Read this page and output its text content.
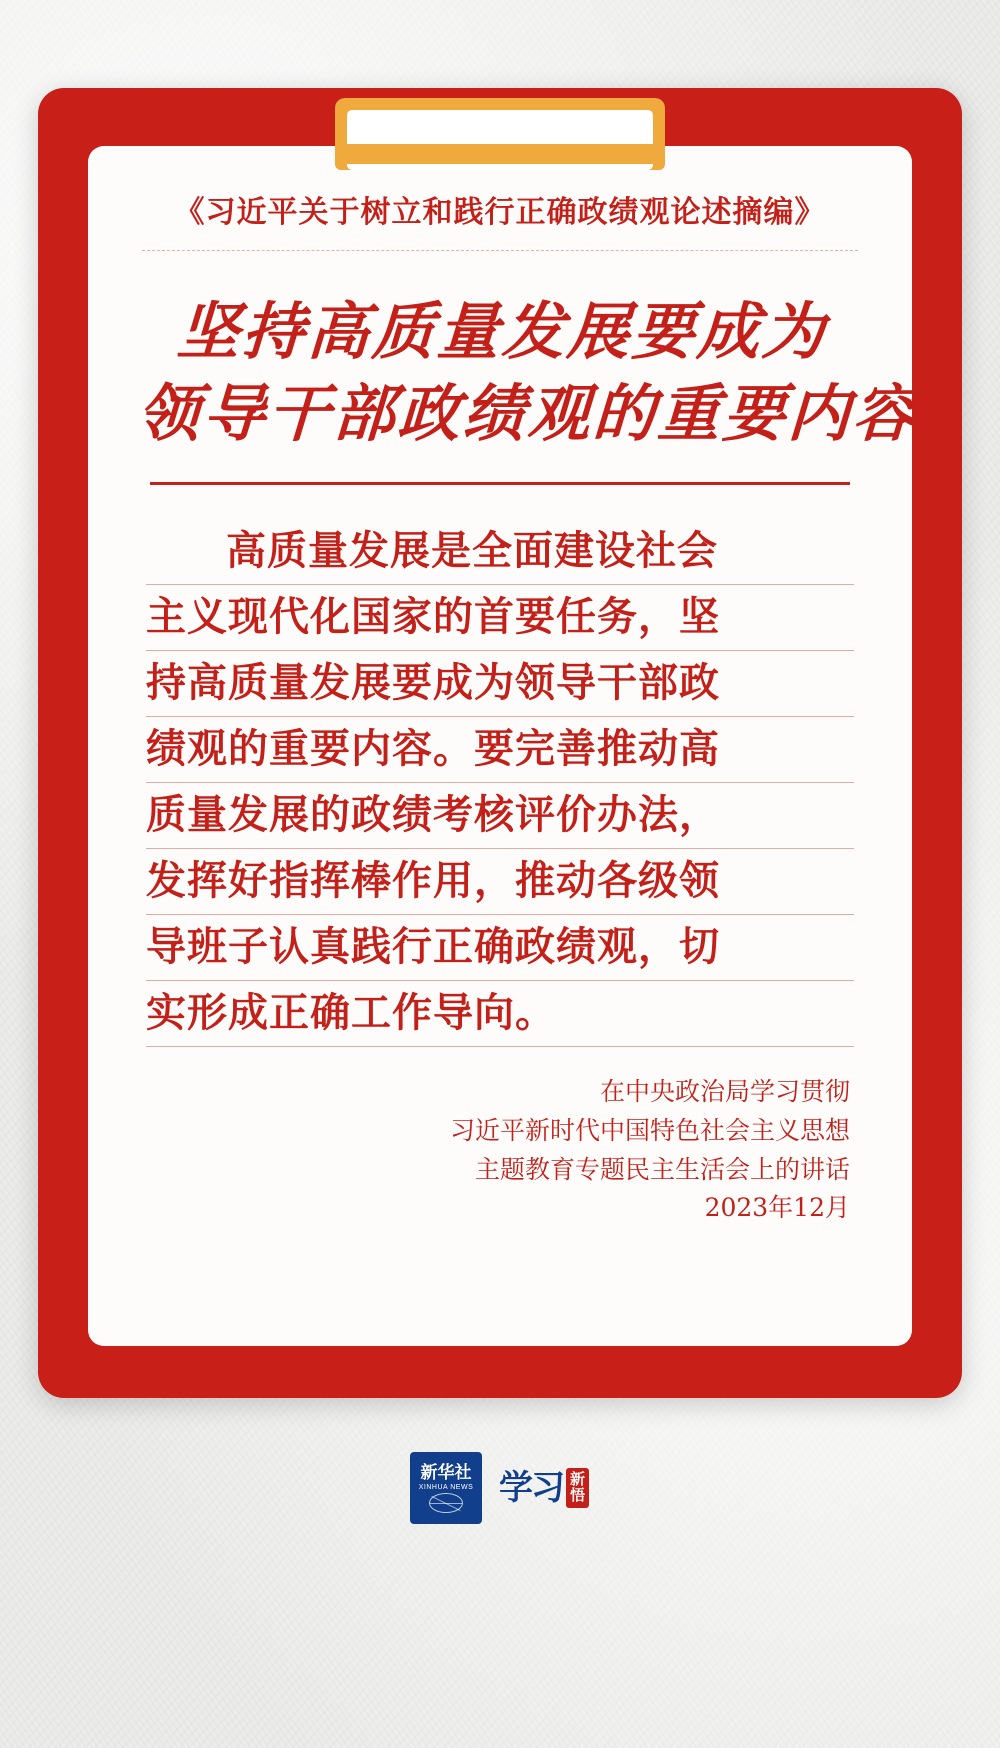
《习近平关于树立和践行正确政绩观论述摘编》
坚持高质量发展要成为
领导干部政绩观的重要内容
高质量发展是全面建设社会
主义现代化国家的首要任务，坚
持高质量发展要成为领导干部政
绩观的重要内容。要完善推动高
质量发展的政绩考核评价办法，
发挥好指挥棒作用，推动各级领
导班子认真践行正确政绩观，切
实形成正确工作导向。
在中央政治局学习贯彻
习近平新时代中国特色社会主义思想
主题教育专题民主生活会上的讲话
2023年12月
新华社
XINHUA NEWS 学习 新
悟
